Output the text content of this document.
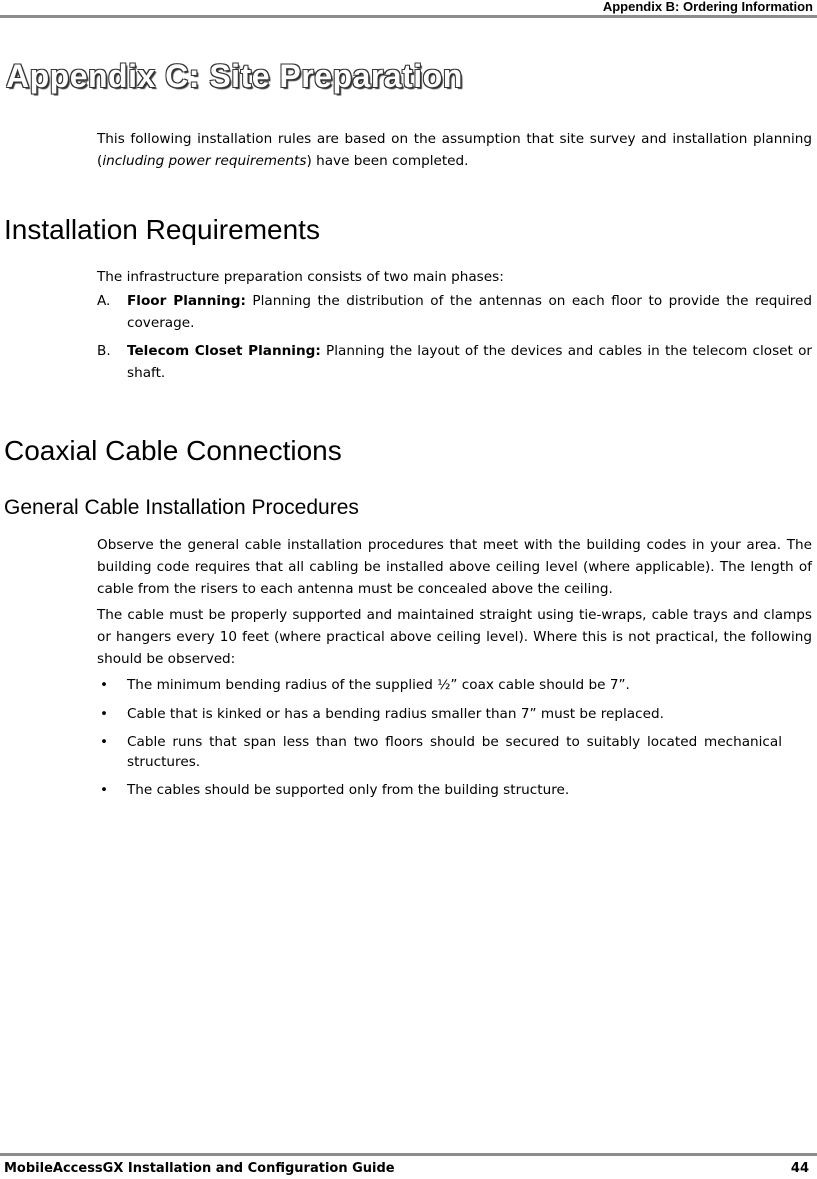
Appendix B: Ordering Information
Appendix C: Site Preparation

This following installation rules are based on the assumption that site survey and installation planning (including power requirements) have been completed.

Installation Requirements

The infrastructure preparation consists of two main phases:

A. Floor Planning: Planning the distribution of the antennas on each floor to provide the required coverage.
B. Telecom Closet Planning: Planning the layout of the devices and cables in the telecom closet or shaft.
Coaxial Cable Connections
General Cable Installation Procedures

Observe the general cable installation procedures that meet with the building codes in your area. The building code requires that all cabling be installed above ceiling level (where applicable). The length of cable from the risers to each antenna must be concealed above the ceiling.

The cable must be properly supported and maintained straight using tie-wraps, cable trays and clamps or hangers every 10 feet (where practical above ceiling level). Where this is not practical, the following should be observed:

• The minimum bending radius of the supplied ½” coax cable should be 7”.
• Cable that is kinked or has a bending radius smaller than 7” must be replaced.
• Cable runs that span less than two floors should be secured to suitably located mechanical structures.
• The cables should be supported only from the building structure.
MobileAccessGX Installation and Configuration Guide	44
